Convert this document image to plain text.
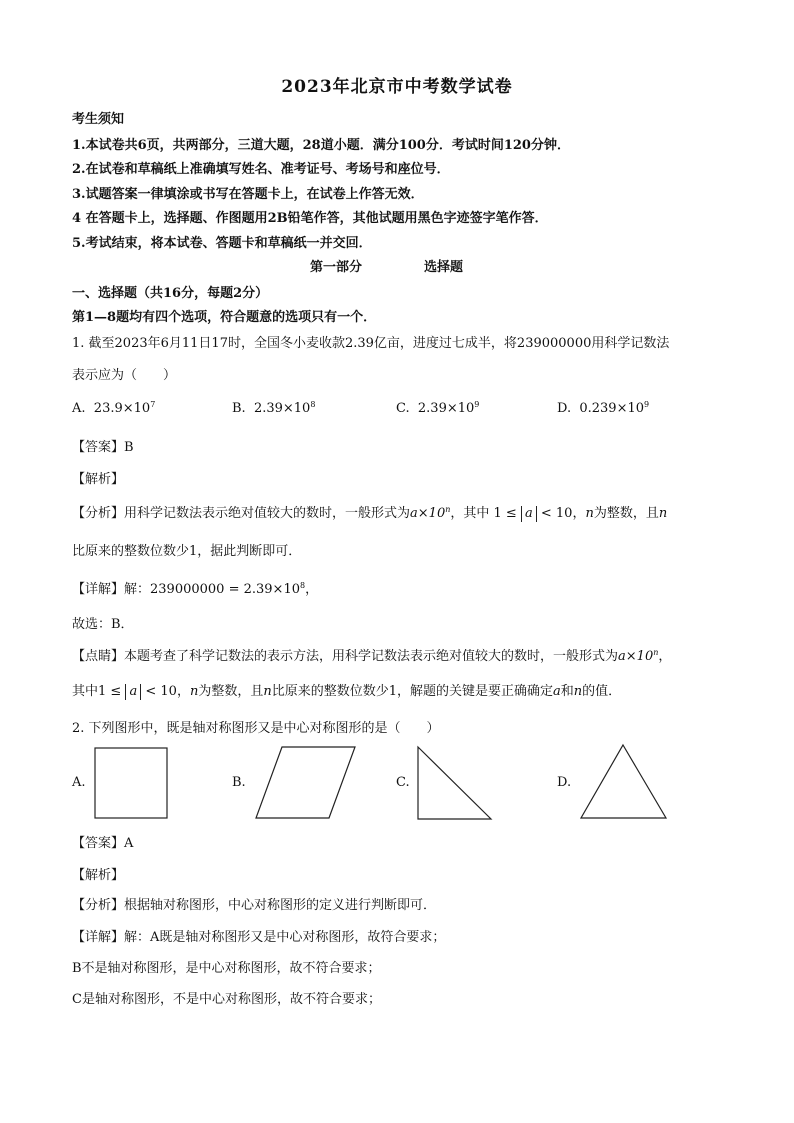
2023年北京市中考数学试卷
考生须知
1.本试卷共6页，共两部分，三道大题，28道小题．满分100分．考试时间120分钟．
2.在试卷和草稿纸上准确填写姓名、准考证号、考场号和座位号．
3.试题答案一律填涂或书写在答题卡上，在试卷上作答无效．
4 在答题卡上，选择题、作图题用2B铅笔作答，其他试题用黑色字迹签字笔作答．
5.考试结束，将本试卷、答题卡和草稿纸一并交回．
第一部分	选择题
一、选择题（共16分，每题2分）
第1—8题均有四个选项，符合题意的选项只有一个．
1. 截至2023年6月11日17时，全国冬小麦收款2.39亿亩，进度过七成半，将239000000用科学记数法
表示应为（　　）
A. $23.9\times 10^7$	B. $2.39\times 10^8$	C. $2.39\times 10^9$	D. $0.239\times 10^9$
【答案】B
【解析】
【分析】用科学记数法表示绝对值较大的数时，一般形式为$a\times 10^n$，其中 1 ≤ a < 10，n为整数，且n
比原来的整数位数少1，据此判断即可．
【详解】解：$239000000 = 2.39\times 10^8$，
故选：B．
【点睛】本题考查了科学记数法的表示方法，用科学记数法表示绝对值较大的数时，一般形式为$a\times 10^n$，
其中1 ≤ a < 10，n为整数，且n比原来的整数位数少1，解题的关键是要正确确定a和n的值．
2. 下列图形中，既是轴对称图形又是中心对称图形的是（　　）
A.	B.	C.	D.
【答案】A
【解析】
【分析】根据轴对称图形，中心对称图形的定义进行判断即可．
【详解】解：A既是轴对称图形又是中心对称图形，故符合要求；
B不是轴对称图形，是中心对称图形，故不符合要求；
C是轴对称图形，不是中心对称图形，故不符合要求；
